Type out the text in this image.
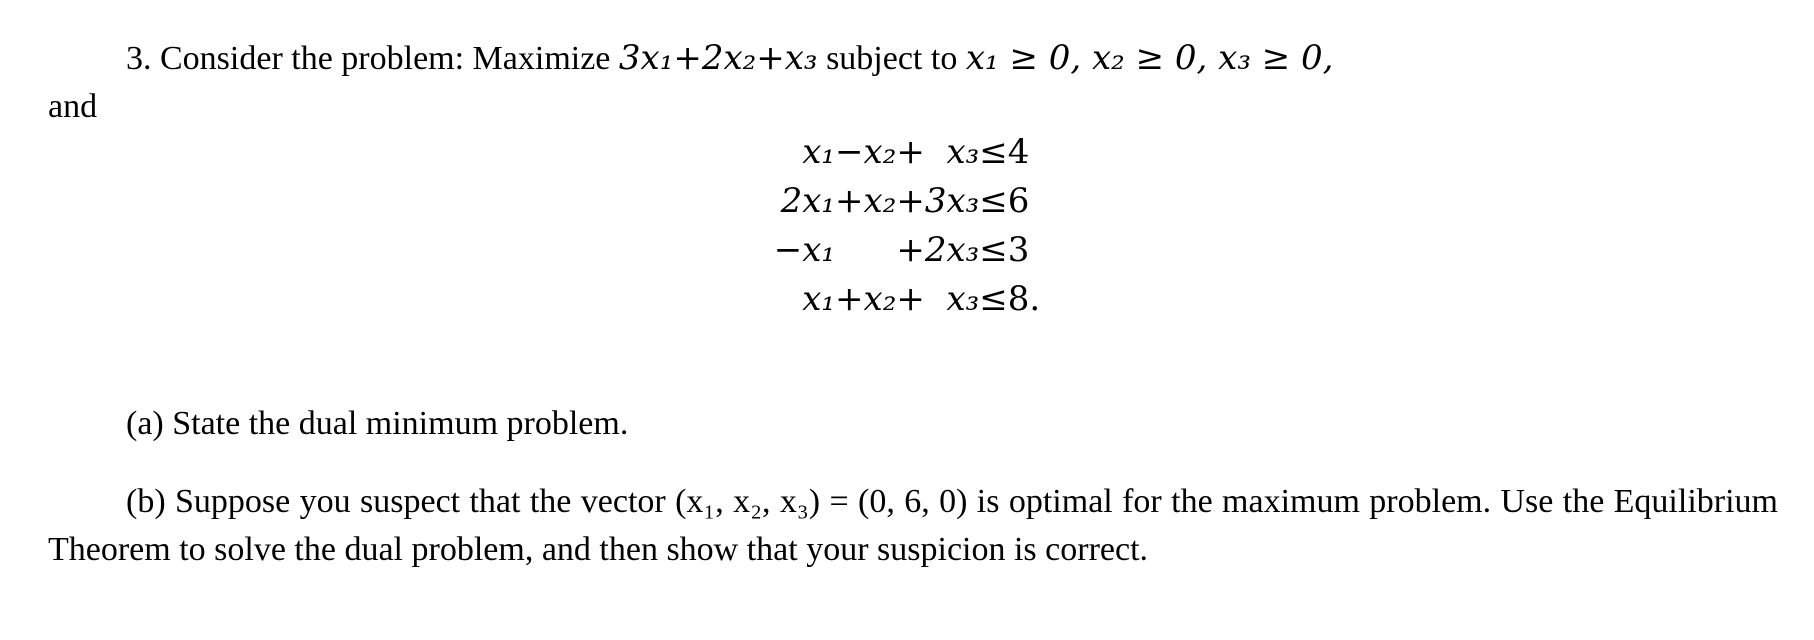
3. Consider the problem: Maximize 3x₁+2x₂+x₃ subject to x₁ ≥ 0, x₂ ≥ 0, x₃ ≥ 0,
and
x₁	−	x₂	+	x₃	≤	4
2x₁	+	x₂	+	3x₃	≤	6
−x₁			+	2x₃	≤	3
x₁	+	x₂	+	x₃	≤	8.
(a) State the dual minimum problem.
(b) Suppose you suspect that the vector (x₁, x₂, x₃) = (0, 6, 0) is optimal for the maximum problem. Use the Equilibrium Theorem to solve the dual problem, and then show that your suspicion is correct.
